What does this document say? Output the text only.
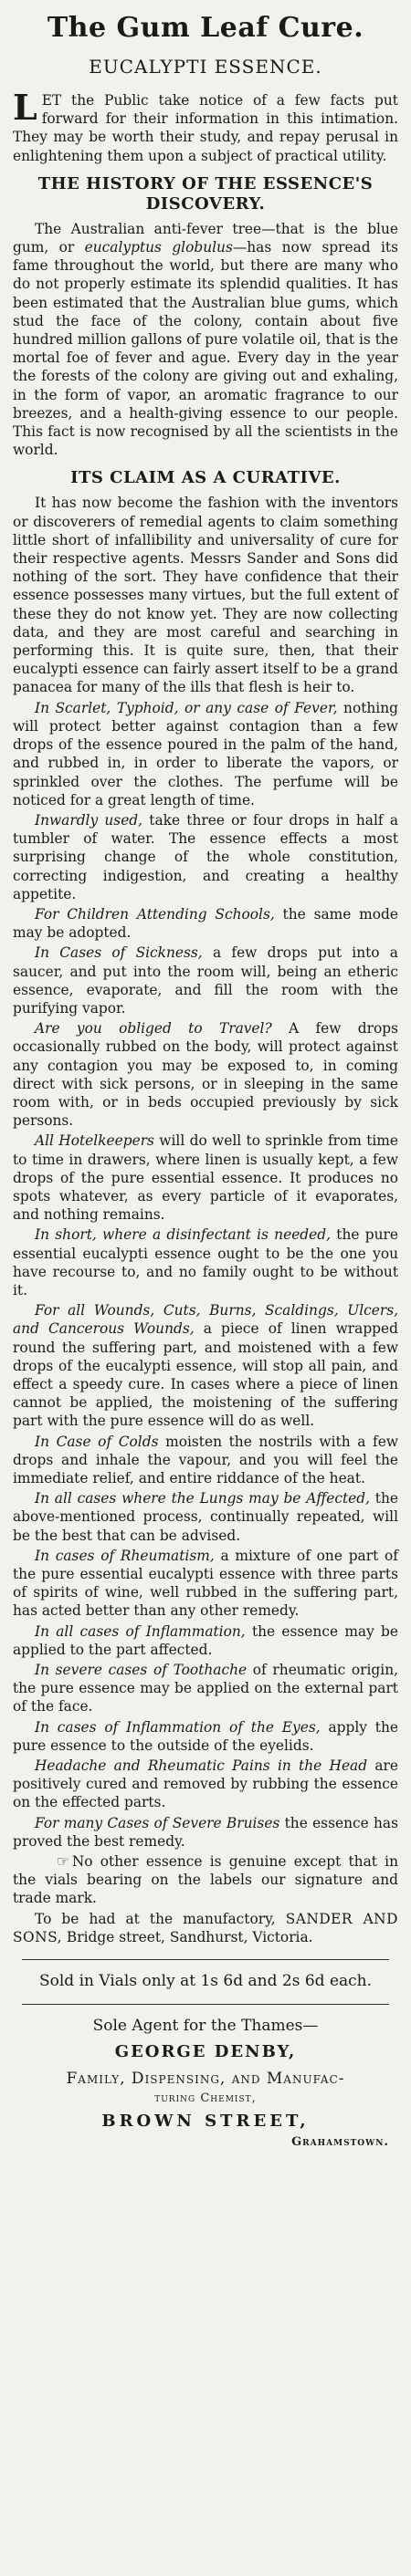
The Gum Leaf Cure.
EUCALYPTI ESSENCE.

LET the Public take notice of a few facts put forward for their information in this intimation. They may be worth their study, and repay perusal in enlightening them upon a subject of practical utility.

THE HISTORY OF THE ESSENCE'S DISCOVERY.

The Australian anti-fever tree—that is the blue gum, or eucalyptus globulus—has now spread its fame throughout the world, but there are many who do not properly estimate its splendid qualities. It has been estimated that the Australian blue gums, which stud the face of the colony, contain about five hundred million gallons of pure volatile oil, that is the mortal foe of fever and ague. Every day in the year the forests of the colony are giving out and exhaling, in the form of vapor, an aromatic fragrance to our breezes, and a health-giving essence to our people. This fact is now recognised by all the scientists in the world.

ITS CLAIM AS A CURATIVE.

It has now become the fashion with the inventors or discoverers of remedial agents to claim something little short of infallibility and universality of cure for their respective agents. Messrs Sander and Sons did nothing of the sort. They have confidence that their essence possesses many virtues, but the full extent of these they do not know yet. They are now collecting data, and they are most careful and searching in performing this. It is quite sure, then, that their eucalypti essence can fairly assert itself to be a grand panacea for many of the ills that flesh is heir to.

In Scarlet, Typhoid, or any case of Fever, nothing will protect better against contagion than a few drops of the essence poured in the palm of the hand, and rubbed in, in order to liberate the vapors, or sprinkled over the clothes. The perfume will be noticed for a great length of time.

Inwardly used, take three or four drops in half a tumbler of water. The essence effects a most surprising change of the whole constitution, correcting indigestion, and creating a healthy appetite.

For Children Attending Schools, the same mode may be adopted.

In Cases of Sickness, a few drops put into a saucer, and put into the room will, being an etheric essence, evaporate, and fill the room with the purifying vapor.

Are you obliged to Travel? A few drops occasionally rubbed on the body, will protect against any contagion you may be exposed to, in coming direct with sick persons, or in sleeping in the same room with, or in beds occupied previously by sick persons.

All Hotelkeepers will do well to sprinkle from time to time in drawers, where linen is usually kept, a few drops of the pure essential essence. It produces no spots whatever, as every particle of it evaporates, and nothing remains.

In short, where a disinfectant is needed, the pure essential eucalypti essence ought to be the one you have recourse to, and no family ought to be without it.

For all Wounds, Cuts, Burns, Scaldings, Ulcers, and Cancerous Wounds, a piece of linen wrapped round the suffering part, and moistened with a few drops of the eucalypti essence, will stop all pain, and effect a speedy cure. In cases where a piece of linen cannot be applied, the moistening of the suffering part with the pure essence will do as well.

In Case of Colds moisten the nostrils with a few drops and inhale the vapour, and you will feel the immediate relief, and entire riddance of the heat.

In all cases where the Lungs may be Affected, the above-mentioned process, continually repeated, will be the best that can be advised.

In cases of Rheumatism, a mixture of one part of the pure essential eucalypti essence with three parts of spirits of wine, well rubbed in the suffering part, has acted better than any other remedy.

In all cases of Inflammation, the essence may be applied to the part affected.

In severe cases of Toothache of rheumatic origin, the pure essence may be applied on the external part of the face.

In cases of Inflammation of the Eyes, apply the pure essence to the outside of the eyelids.

Headache and Rheumatic Pains in the Head are positively cured and removed by rubbing the essence on the effected parts.

For many Cases of Severe Bruises the essence has proved the best remedy.

☞ No other essence is genuine except that in the vials bearing on the labels our signature and trade mark.

To be had at the manufactory, SANDER AND SONS, Bridge street, Sandhurst, Victoria.

Sold in Vials only at 1s 6d and 2s 6d each.
Sole Agent for the Thames—
GEORGE DENBY,
Family, Dispensing, and Manufac-
turing Chemist,
BROWN STREET,
Grahamstown.
